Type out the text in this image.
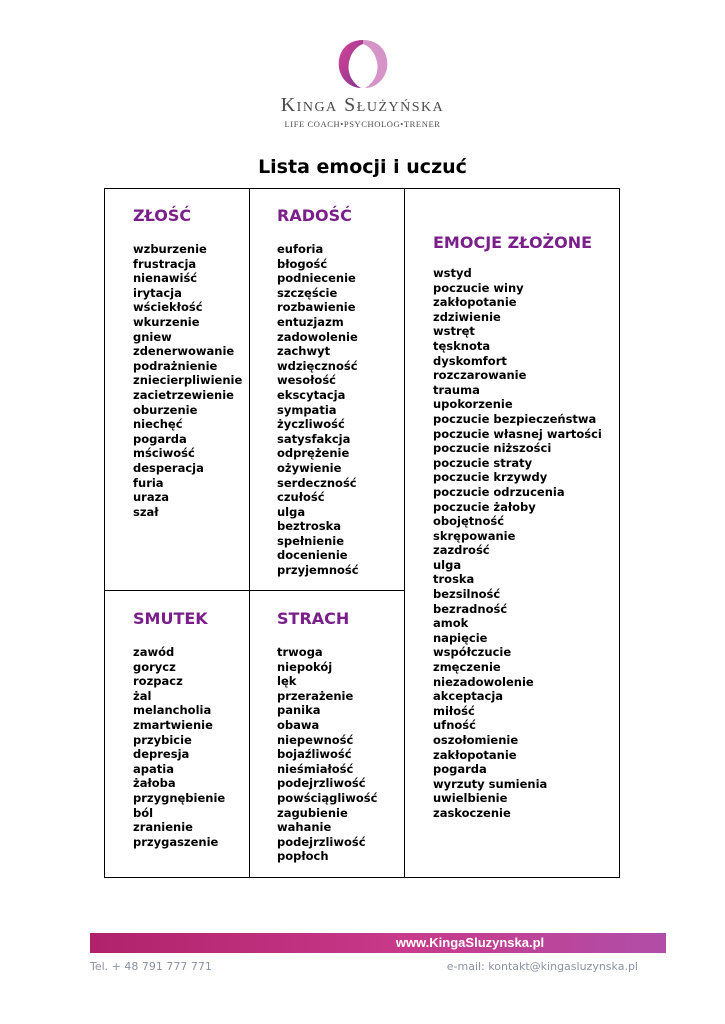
Kinga Służyńska
LIFE COACH•PSYCHOLOG•TRENER
Lista emocji i uczuć
ZŁOŚĆ
wzburzenie
frustracja
nienawiść
irytacja
wściekłość
wkurzenie
gniew
zdenerwowanie
podrażnienie
zniecierpliwienie
zacietrzewienie
oburzenie
niechęć
pogarda
mściwość
desperacja
furia
uraza
szał
RADOŚĆ
euforia
błogość
podniecenie
szczęście
rozbawienie
entuzjazm
zadowolenie
zachwyt
wdzięczność
wesołość
ekscytacja
sympatia
życzliwość
satysfakcja
odprężenie
ożywienie
serdeczność
czułość
ulga
beztroska
spełnienie
docenienie
przyjemność
SMUTEK
zawód
gorycz
rozpacz
żal
melancholia
zmartwienie
przybicie
depresja
apatia
żałoba
przygnębienie
ból
zranienie
przygaszenie
STRACH
trwoga
niepokój
lęk
przerażenie
panika
obawa
niepewność
bojaźliwość
nieśmiałość
podejrzliwość
powściągliwość
zagubienie
wahanie
podejrzliwość
popłoch
EMOCJE ZŁOŻONE
wstyd
poczucie winy
zakłopotanie
zdziwienie
wstręt
tęsknota
dyskomfort
rozczarowanie
trauma
upokorzenie
poczucie bezpieczeństwa
poczucie własnej wartości
poczucie niższości
poczucie straty
poczucie krzywdy
poczucie odrzucenia
poczucie żałoby
obojętność
skrępowanie
zazdrość
ulga
troska
bezsilność
bezradność
amok
napięcie
współczucie
zmęczenie
niezadowolenie
akceptacja
miłość
ufność
oszołomienie
zakłopotanie
pogarda
wyrzuty sumienia
uwielbienie
zaskoczenie
www.KingaSluzynska.pl
Tel. + 48 791 777 771	e-mail: kontakt@kingasluzynska.pl
